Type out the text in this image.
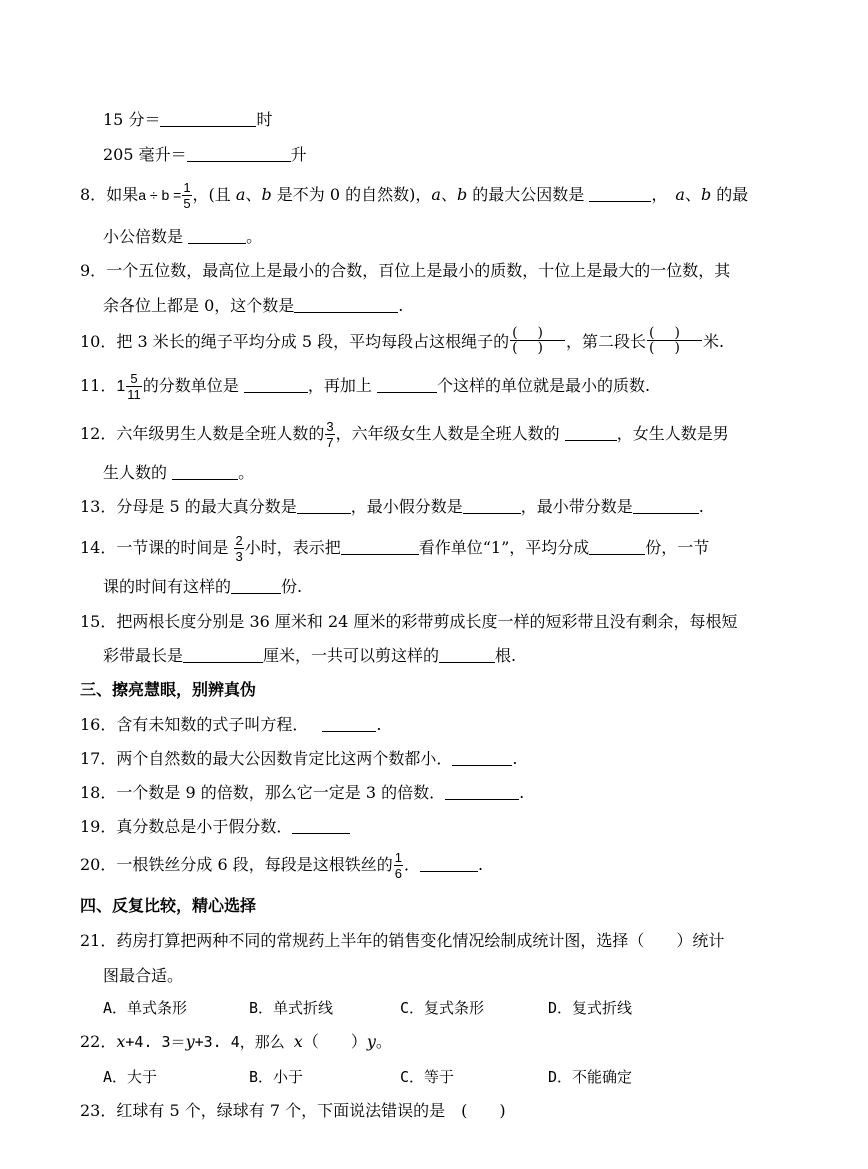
15 分＝	时
205 毫升＝	升
8．如果$a \div b = \frac{1}{5}$ ，(且 a、b 是不为 0 的自然数)，a、b 的最大公因数是	， a、b 的最
小公倍数是	。
9．一个五位数，最高位上是最小的合数，百位上是最小的质数，十位上是最大的一位数，其
余各位上都是 0，这个数是	.
10．把 3 米长的绳子平均分成 5 段，平均每段占这根绳子的 $\frac{()}{()}$ ，第二段长 $\frac{()}{()}$ 米.
11．$1 \frac{5}{11}$ 的分数单位是	，再加上	个这样的单位就是最小的质数.
12．六年级男生人数是全班人数的 $\frac{3}{7}$ ，六年级女生人数是全班人数的	，女生人数是男
生人数的	。
13．分母是 5 的最大真分数是	，最小假分数是	，最小带分数是	.
14．一节课的时间是 $\frac{2}{3}$ 小时，表示把	看作单位“1”，平均分成	份，一节
课的时间有这样的	份.
15．把两根长度分别是 36 厘米和 24 厘米的彩带剪成长度一样的短彩带且没有剩余，每根短
彩带最长是	厘米，一共可以剪这样的	根.
三、擦亮慧眼，别辨真伪
16．含有未知数的式子叫方程．	.
17．两个自然数的最大公因数肯定比这两个数都小．	.
18．一个数是 9 的倍数，那么它一定是 3 的倍数．	.
19．真分数总是小于假分数．
20．一根铁丝分成 6 段，每段是这根铁丝的 $\frac{1}{6}$ ．	.
四、反复比较，精心选择
21．药房打算把两种不同的常规药上半年的销售变化情况绘制成统计图，选择（　　）统计
图最合适。
A．单式条形	B．单式折线	C．复式条形	D．复式折线
22．x+4. 3＝y+3. 4，那么 x（　　）y。
A．大于	B．小于	C．等于	D．不能确定
23．红球有 5 个，绿球有 7 个，下面说法错误的是　(　　)
